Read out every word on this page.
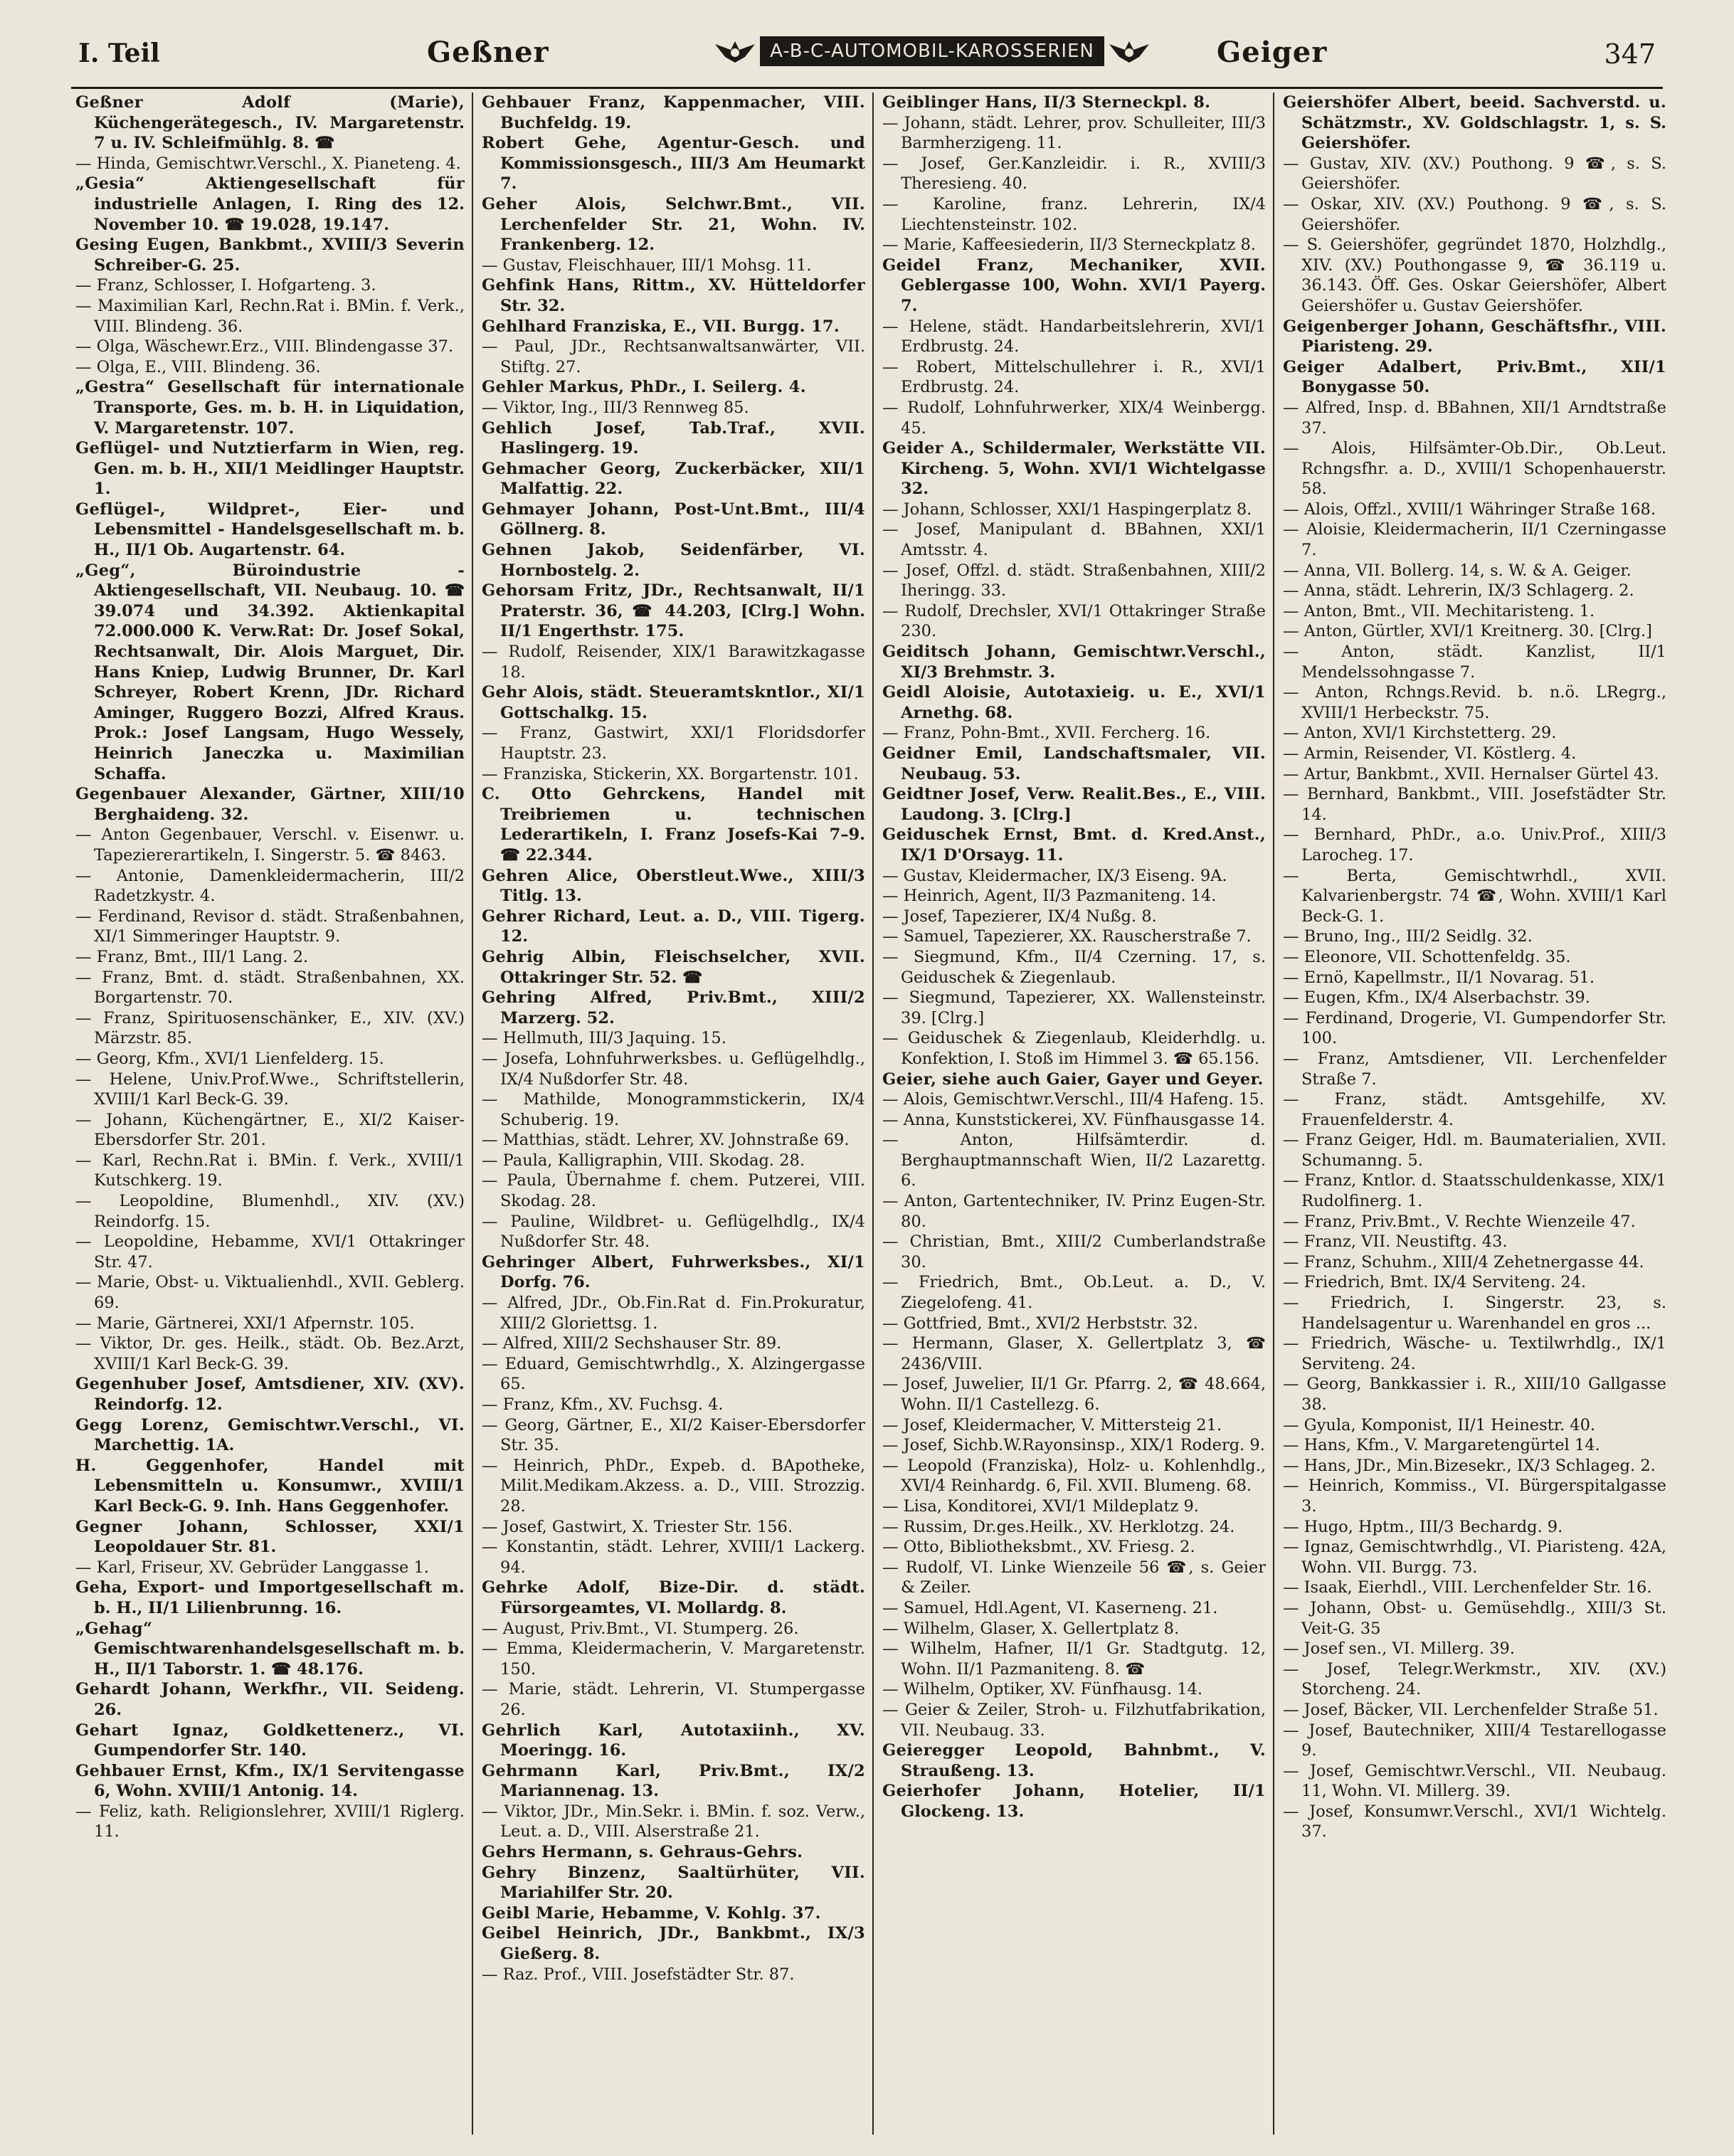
I. Teil	Geßner	A-B-C-AUTOMOBIL-KAROSSERIEN	Geiger	347

Geßner Adolf (Marie), Küchengerätegesch., IV. Margaretenstr. 7 u. IV. Schleifmühlg. 8. ☎

— Hinda, Gemischtwr.Verschl., X. Pianeteng. 4.

„Gesia“ Aktiengesellschaft für industrielle Anlagen, I. Ring des 12. November 10. ☎ 19.028, 19.147.

Gesing Eugen, Bankbmt., XVIII/3 Severin Schreiber-G. 25.

— Franz, Schlosser, I. Hofgarteng. 3.

— Maximilian Karl, Rechn.Rat i. BMin. f. Verk., VIII. Blindeng. 36.

— Olga, Wäschewr.Erz., VIII. Blindengasse 37.

— Olga, E., VIII. Blindeng. 36.

„Gestra“ Gesellschaft für internationale Transporte, Ges. m. b. H. in Liquidation, V. Margaretenstr. 107.

Geflügel- und Nutztierfarm in Wien, reg. Gen. m. b. H., XII/1 Meidlinger Hauptstr. 1.

Geflügel-, Wildpret-, Eier- und Lebensmittel - Handelsgesellschaft m. b. H., II/1 Ob. Augartenstr. 64.

„Geg“, Büroindustrie - Aktiengesellschaft, VII. Neubaug. 10. ☎ 39.074 und 34.392. Aktienkapital 72.000.000 K. Verw.Rat: Dr. Josef Sokal, Rechtsanwalt, Dir. Alois Marguet, Dir. Hans Kniep, Ludwig Brunner, Dr. Karl Schreyer, Robert Krenn, JDr. Richard Aminger, Ruggero Bozzi, Alfred Kraus. Prok.: Josef Langsam, Hugo Wessely, Heinrich Janeczka u. Maximilian Schaffa.

Gegenbauer Alexander, Gärtner, XIII/10 Berghaideng. 32.

— Anton Gegenbauer, Verschl. v. Eisenwr. u. Tapeziererartikeln, I. Singerstr. 5. ☎ 8463.

— Antonie, Damenkleidermacherin, III/2 Radetzkystr. 4.

— Ferdinand, Revisor d. städt. Straßenbahnen, XI/1 Simmeringer Hauptstr. 9.

— Franz, Bmt., III/1 Lang. 2.

— Franz, Bmt. d. städt. Straßenbahnen, XX. Borgartenstr. 70.

— Franz, Spirituosenschänker, E., XIV. (XV.) Märzstr. 85.

— Georg, Kfm., XVI/1 Lienfelderg. 15.

— Helene, Univ.Prof.Wwe., Schriftstellerin, XVIII/1 Karl Beck-G. 39.

— Johann, Küchengärtner, E., XI/2 Kaiser-Ebersdorfer Str. 201.

— Karl, Rechn.Rat i. BMin. f. Verk., XVIII/1 Kutschkerg. 19.

— Leopoldine, Blumenhdl., XIV. (XV.) Reindorfg. 15.

— Leopoldine, Hebamme, XVI/1 Ottakringer Str. 47.

— Marie, Obst- u. Viktualienhdl., XVII. Geblerg. 69.

— Marie, Gärtnerei, XXI/1 Afpernstr. 105.

— Viktor, Dr. ges. Heilk., städt. Ob. Bez.Arzt, XVIII/1 Karl Beck-G. 39.

Gegenhuber Josef, Amtsdiener, XIV. (XV). Reindorfg. 12.

Gegg Lorenz, Gemischtwr.Verschl., VI. Marchettig. 1A.

H. Geggenhofer, Handel mit Lebensmitteln u. Konsumwr., XVIII/1 Karl Beck-G. 9. Inh. Hans Geggenhofer.

Gegner Johann, Schlosser, XXI/1 Leopoldauer Str. 81.

— Karl, Friseur, XV. Gebrüder Langgasse 1.

Geha, Export- und Importgesellschaft m. b. H., II/1 Lilienbrunng. 16.

„Gehag“ Gemischtwarenhandelsgesellschaft m. b. H., II/1 Taborstr. 1. ☎ 48.176.

Gehardt Johann, Werkfhr., VII. Seideng. 26.

Gehart Ignaz, Goldkettenerz., VI. Gumpendorfer Str. 140.

Gehbauer Ernst, Kfm., IX/1 Servitengasse 6, Wohn. XVIII/1 Antonig. 14.

— Feliz, kath. Religionslehrer, XVIII/1 Riglerg. 11.

Gehbauer Franz, Kappenmacher, VIII. Buchfeldg. 19.

Robert Gehe, Agentur-Gesch. und Kommissionsgesch., III/3 Am Heumarkt 7.

Geher Alois, Selchwr.Bmt., VII. Lerchenfelder Str. 21, Wohn. IV. Frankenberg. 12.

— Gustav, Fleischhauer, III/1 Mohsg. 11.

Gehfink Hans, Rittm., XV. Hütteldorfer Str. 32.

Gehlhard Franziska, E., VII. Burgg. 17.

— Paul, JDr., Rechtsanwaltsanwärter, VII. Stiftg. 27.

Gehler Markus, PhDr., I. Seilerg. 4.

— Viktor, Ing., III/3 Rennweg 85.

Gehlich Josef, Tab.Traf., XVII. Haslingerg. 19.

Gehmacher Georg, Zuckerbäcker, XII/1 Malfattig. 22.

Gehmayer Johann, Post-Unt.Bmt., III/4 Göllnerg. 8.

Gehnen Jakob, Seidenfärber, VI. Hornbostelg. 2.

Gehorsam Fritz, JDr., Rechtsanwalt, II/1 Praterstr. 36, ☎ 44.203, [Clrg.] Wohn. II/1 Engerthstr. 175.

— Rudolf, Reisender, XIX/1 Barawitzkagasse 18.

Gehr Alois, städt. Steueramtskntlor., XI/1 Gottschalkg. 15.

— Franz, Gastwirt, XXI/1 Floridsdorfer Hauptstr. 23.

— Franziska, Stickerin, XX. Borgartenstr. 101.

C. Otto Gehrckens, Handel mit Treibriemen u. technischen Lederartikeln, I. Franz Josefs-Kai 7–9. ☎ 22.344.

Gehren Alice, Oberstleut.Wwe., XIII/3 Titlg. 13.

Gehrer Richard, Leut. a. D., VIII. Tigerg. 12.

Gehrig Albin, Fleischselcher, XVII. Ottakringer Str. 52. ☎

Gehring Alfred, Priv.Bmt., XIII/2 Marzerg. 52.

— Hellmuth, III/3 Jaquing. 15.

— Josefa, Lohnfuhrwerksbes. u. Geflügelhdlg., IX/4 Nußdorfer Str. 48.

— Mathilde, Monogrammstickerin, IX/4 Schuberig. 19.

— Matthias, städt. Lehrer, XV. Johnstraße 69.

— Paula, Kalligraphin, VIII. Skodag. 28.

— Paula, Übernahme f. chem. Putzerei, VIII. Skodag. 28.

— Pauline, Wildbret- u. Geflügelhdlg., IX/4 Nußdorfer Str. 48.

Gehringer Albert, Fuhrwerksbes., XI/1 Dorfg. 76.

— Alfred, JDr., Ob.Fin.Rat d. Fin.Prokuratur, XIII/2 Gloriettsg. 1.

— Alfred, XIII/2 Sechshauser Str. 89.

— Eduard, Gemischtwrhdlg., X. Alzingergasse 65.

— Franz, Kfm., XV. Fuchsg. 4.

— Georg, Gärtner, E., XI/2 Kaiser-Ebersdorfer Str. 35.

— Heinrich, PhDr., Expeb. d. BApotheke, Milit.Medikam.Akzess. a. D., VIII. Strozzig. 28.

— Josef, Gastwirt, X. Triester Str. 156.

— Konstantin, städt. Lehrer, XVIII/1 Lackerg. 94.

Gehrke Adolf, Bize-Dir. d. städt. Fürsorgeamtes, VI. Mollardg. 8.

— August, Priv.Bmt., VI. Stumperg. 26.

— Emma, Kleidermacherin, V. Margaretenstr. 150.

— Marie, städt. Lehrerin, VI. Stumpergasse 26.

Gehrlich Karl, Autotaxiinh., XV. Moeringg. 16.

Gehrmann Karl, Priv.Bmt., IX/2 Mariannenag. 13.

— Viktor, JDr., Min.Sekr. i. BMin. f. soz. Verw., Leut. a. D., VIII. Alserstraße 21.

Gehrs Hermann, s. Gehraus-Gehrs.

Gehry Binzenz, Saaltürhüter, VII. Mariahilfer Str. 20.

Geibl Marie, Hebamme, V. Kohlg. 37.

Geibel Heinrich, JDr., Bankbmt., IX/3 Gießerg. 8.

— Raz. Prof., VIII. Josefstädter Str. 87.

Geiblinger Hans, II/3 Sterneckpl. 8.

— Johann, städt. Lehrer, prov. Schulleiter, III/3 Barmherzigeng. 11.

— Josef, Ger.Kanzleidir. i. R., XVIII/3 Theresieng. 40.

— Karoline, franz. Lehrerin, IX/4 Liechtensteinstr. 102.

— Marie, Kaffeesiederin, II/3 Sterneckplatz 8.

Geidel Franz, Mechaniker, XVII. Geblergasse 100, Wohn. XVI/1 Payerg. 7.

— Helene, städt. Handarbeitslehrerin, XVI/1 Erdbrustg. 24.

— Robert, Mittelschullehrer i. R., XVI/1 Erdbrustg. 24.

— Rudolf, Lohnfuhrwerker, XIX/4 Weinbergg. 45.

Geider A., Schildermaler, Werkstätte VII. Kircheng. 5, Wohn. XVI/1 Wichtelgasse 32.

— Johann, Schlosser, XXI/1 Haspingerplatz 8.

— Josef, Manipulant d. BBahnen, XXI/1 Amtsstr. 4.

— Josef, Offzl. d. städt. Straßenbahnen, XIII/2 Iheringg. 33.

— Rudolf, Drechsler, XVI/1 Ottakringer Straße 230.

Geiditsch Johann, Gemischtwr.Verschl., XI/3 Brehmstr. 3.

Geidl Aloisie, Autotaxieig. u. E., XVI/1 Arnethg. 68.

— Franz, Pohn-Bmt., XVII. Fercherg. 16.

Geidner Emil, Landschaftsmaler, VII. Neubaug. 53.

Geidtner Josef, Verw. Realit.Bes., E., VIII. Laudong. 3. [Clrg.]

Geiduschek Ernst, Bmt. d. Kred.Anst., IX/1 D'Orsayg. 11.

— Gustav, Kleidermacher, IX/3 Eiseng. 9A.

— Heinrich, Agent, II/3 Pazmaniteng. 14.

— Josef, Tapezierer, IX/4 Nußg. 8.

— Samuel, Tapezierer, XX. Rauscherstraße 7.

— Siegmund, Kfm., II/4 Czerning. 17, s. Geiduschek & Ziegenlaub.

— Siegmund, Tapezierer, XX. Wallensteinstr. 39. [Clrg.]

— Geiduschek & Ziegenlaub, Kleiderhdlg. u. Konfektion, I. Stoß im Himmel 3. ☎ 65.156.

Geier, siehe auch Gaier, Gayer und Geyer.

— Alois, Gemischtwr.Verschl., III/4 Hafeng. 15.

— Anna, Kunststickerei, XV. Fünfhausgasse 14.

— Anton, Hilfsämterdir. d. Berghauptmannschaft Wien, II/2 Lazarettg. 6.

— Anton, Gartentechniker, IV. Prinz Eugen-Str. 80.

— Christian, Bmt., XIII/2 Cumberlandstraße 30.

— Friedrich, Bmt., Ob.Leut. a. D., V. Ziegelofeng. 41.

— Gottfried, Bmt., XVI/2 Herbststr. 32.

— Hermann, Glaser, X. Gellertplatz 3, ☎ 2436/VIII.

— Josef, Juwelier, II/1 Gr. Pfarrg. 2, ☎ 48.664, Wohn. II/1 Castellezg. 6.

— Josef, Kleidermacher, V. Mittersteig 21.

— Josef, Sichb.W.Rayonsinsp., XIX/1 Roderg. 9.

— Leopold (Franziska), Holz- u. Kohlenhdlg., XVI/4 Reinhardg. 6, Fil. XVII. Blumeng. 68.

— Lisa, Konditorei, XVI/1 Mildeplatz 9.

— Russim, Dr.ges.Heilk., XV. Herklotzg. 24.

— Otto, Bibliotheksbmt., XV. Friesg. 2.

— Rudolf, VI. Linke Wienzeile 56 ☎, s. Geier & Zeiler.

— Samuel, Hdl.Agent, VI. Kaserneng. 21.

— Wilhelm, Glaser, X. Gellertplatz 8.

— Wilhelm, Hafner, II/1 Gr. Stadtgutg. 12, Wohn. II/1 Pazmaniteng. 8. ☎

— Wilhelm, Optiker, XV. Fünfhausg. 14.

— Geier & Zeiler, Stroh- u. Filzhutfabrikation, VII. Neubaug. 33.

Geieregger Leopold, Bahnbmt., V. Straußeng. 13.

Geierhofer Johann, Hotelier, II/1 Glockeng. 13.

Geiershöfer Albert, beeid. Sachverstd. u. Schätzmstr., XV. Goldschlagstr. 1, s. S. Geiershöfer.

— Gustav, XIV. (XV.) Pouthong. 9 ☎, s. S. Geiershöfer.

— Oskar, XIV. (XV.) Pouthong. 9 ☎, s. S. Geiershöfer.

— S. Geiershöfer, gegründet 1870, Holzhdlg., XIV. (XV.) Pouthongasse 9, ☎ 36.119 u. 36.143. Öff. Ges. Oskar Geiershöfer, Albert Geiershöfer u. Gustav Geiershöfer.

Geigenberger Johann, Geschäftsfhr., VIII. Piaristeng. 29.

Geiger Adalbert, Priv.Bmt., XII/1 Bonygasse 50.

— Alfred, Insp. d. BBahnen, XII/1 Arndtstraße 37.

— Alois, Hilfsämter-Ob.Dir., Ob.Leut. Rchngsfhr. a. D., XVIII/1 Schopenhauerstr. 58.

— Alois, Offzl., XVIII/1 Währinger Straße 168.

— Aloisie, Kleidermacherin, II/1 Czerningasse 7.

— Anna, VII. Bollerg. 14, s. W. & A. Geiger.

— Anna, städt. Lehrerin, IX/3 Schlagerg. 2.

— Anton, Bmt., VII. Mechitaristeng. 1.

— Anton, Gürtler, XVI/1 Kreitnerg. 30. [Clrg.]

— Anton, städt. Kanzlist, II/1 Mendelssohngasse 7.

— Anton, Rchngs.Revid. b. n.ö. LRegrg., XVIII/1 Herbeckstr. 75.

— Anton, XVI/1 Kirchstetterg. 29.

— Armin, Reisender, VI. Köstlerg. 4.

— Artur, Bankbmt., XVII. Hernalser Gürtel 43.

— Bernhard, Bankbmt., VIII. Josefstädter Str. 14.

— Bernhard, PhDr., a.o. Univ.Prof., XIII/3 Larocheg. 17.

— Berta, Gemischtwrhdl., XVII. Kalvarienbergstr. 74 ☎, Wohn. XVIII/1 Karl Beck-G. 1.

— Bruno, Ing., III/2 Seidlg. 32.

— Eleonore, VII. Schottenfeldg. 35.

— Ernö, Kapellmstr., II/1 Novarag. 51.

— Eugen, Kfm., IX/4 Alserbachstr. 39.

— Ferdinand, Drogerie, VI. Gumpendorfer Str. 100.

— Franz, Amtsdiener, VII. Lerchenfelder Straße 7.

— Franz, städt. Amtsgehilfe, XV. Frauenfelderstr. 4.

— Franz Geiger, Hdl. m. Baumaterialien, XVII. Schumanng. 5.

— Franz, Kntlor. d. Staatsschuldenkasse, XIX/1 Rudolfinerg. 1.

— Franz, Priv.Bmt., V. Rechte Wienzeile 47.

— Franz, VII. Neustiftg. 43.

— Franz, Schuhm., XIII/4 Zehetnergasse 44.

— Friedrich, Bmt. IX/4 Serviteng. 24.

— Friedrich, I. Singerstr. 23, s. Handelsagentur u. Warenhandel en gros ...

— Friedrich, Wäsche- u. Textilwrhdlg., IX/1 Serviteng. 24.

— Georg, Bankkassier i. R., XIII/10 Gallgasse 38.

— Gyula, Komponist, II/1 Heinestr. 40.

— Hans, Kfm., V. Margaretengürtel 14.

— Hans, JDr., Min.Bizesekr., IX/3 Schlageg. 2.

— Heinrich, Kommiss., VI. Bürgerspitalgasse 3.

— Hugo, Hptm., III/3 Bechardg. 9.

— Ignaz, Gemischtwrhdlg., VI. Piaristeng. 42A, Wohn. VII. Burgg. 73.

— Isaak, Eierhdl., VIII. Lerchenfelder Str. 16.

— Johann, Obst- u. Gemüsehdlg., XIII/3 St. Veit-G. 35

— Josef sen., VI. Millerg. 39.

— Josef, Telegr.Werkmstr., XIV. (XV.) Storcheng. 24.

— Josef, Bäcker, VII. Lerchenfelder Straße 51.

— Josef, Bautechniker, XIII/4 Testarellogasse 9.

— Josef, Gemischtwr.Verschl., VII. Neubaug. 11, Wohn. VI. Millerg. 39.

— Josef, Konsumwr.Verschl., XVI/1 Wichtelg. 37.
